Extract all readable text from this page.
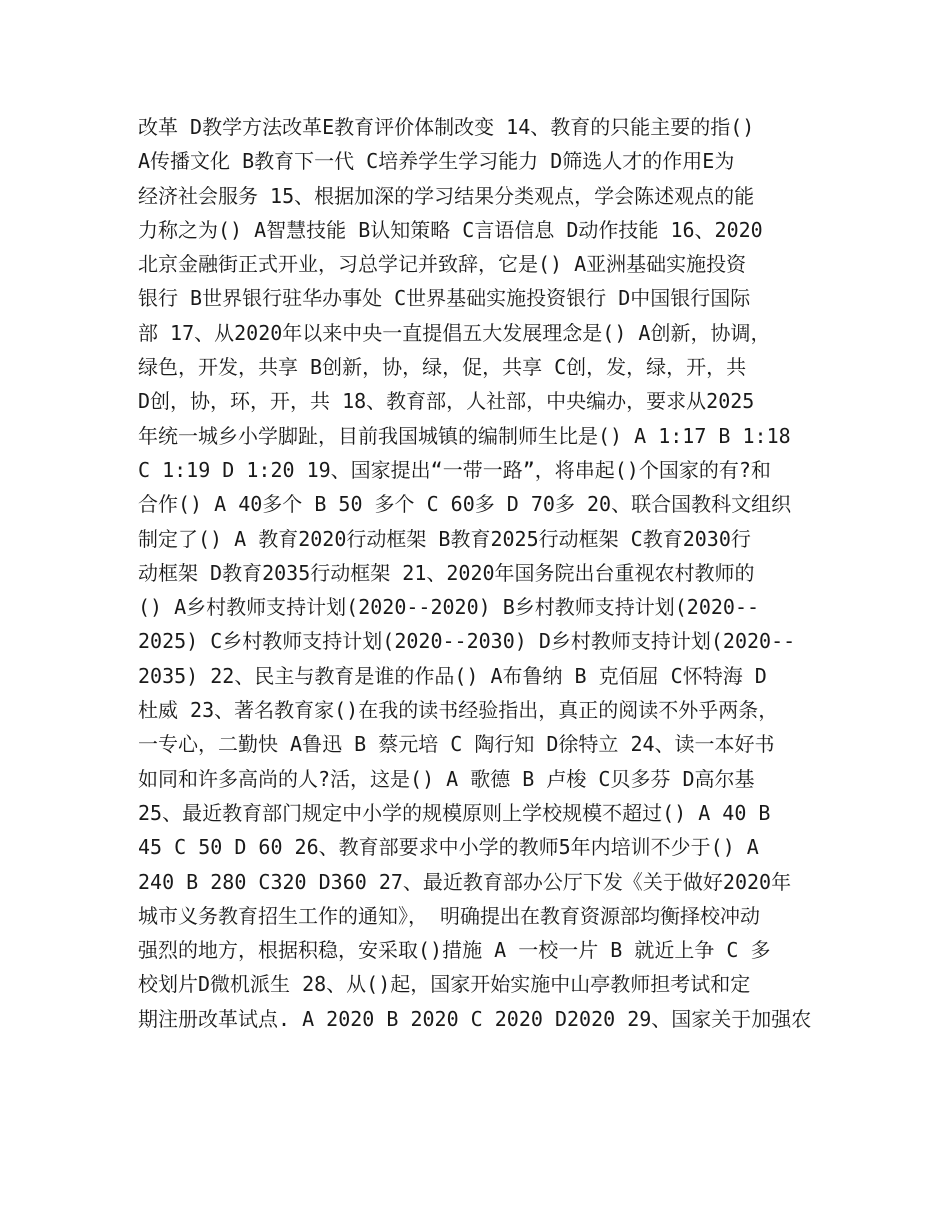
改革 D教学方法改革E教育评价体制改变 14、教育的只能主要的指()
A传播文化 B教育下一代 C培养学生学习能力 D筛选人才的作用E为
经济社会服务 15、根据加深的学习结果分类观点，学会陈述观点的能
力称之为() A智慧技能 B认知策略 C言语信息 D动作技能 16、2020
北京金融街正式开业，习总学记并致辞，它是() A亚洲基础实施投资
银行 B世界银行驻华办事处 C世界基础实施投资银行 D中国银行国际
部 17、从2020年以来中央一直提倡五大发展理念是() A创新，协调，
绿色，开发，共享 B创新，协，绿，促，共享 C创，发，绿，开，共
D创，协，环，开，共 18、教育部，人社部，中央编办，要求从2025
年统一城乡小学脚趾，目前我国城镇的编制师生比是() A 1:17 B 1:18
C 1:19 D 1:20 19、国家提出“一带一路”，将串起()个国家的有?和
合作() A 40多个 B 50 多个 C 60多 D 70多 20、联合国教科文组织
制定了() A 教育2020行动框架 B教育2025行动框架 C教育2030行
动框架 D教育2035行动框架 21、2020年国务院出台重视农村教师的
() A乡村教师支持计划(2020--2020) B乡村教师支持计划(2020--
2025) C乡村教师支持计划(2020--2030) D乡村教师支持计划(2020--
2035) 22、民主与教育是谁的作品() A布鲁纳 B 克佰屈 C怀特海 D
杜威 23、著名教育家()在我的读书经验指出，真正的阅读不外乎两条，
一专心，二勤快 A鲁迅 B 蔡元培 C 陶行知 D徐特立 24、读一本好书
如同和许多高尚的人?活，这是() A 歌德 B 卢梭 C贝多芬 D高尔基
25、最近教育部门规定中小学的规模原则上学校规模不超过() A 40 B
45 C 50 D 60 26、教育部要求中小学的教师5年内培训不少于() A
240 B 280 C320 D360 27、最近教育部办公厅下发《关于做好2020年
城市义务教育招生工作的通知》， 明确提出在教育资源部均衡择校冲动
强烈的地方，根据积稳，安采取()措施 A 一校一片 B 就近上争 C 多
校划片D微机派生 28、从()起，国家开始实施中山亭教师担考试和定
期注册改革试点. A 2020 B 2020 C 2020 D2020 29、国家关于加强农
